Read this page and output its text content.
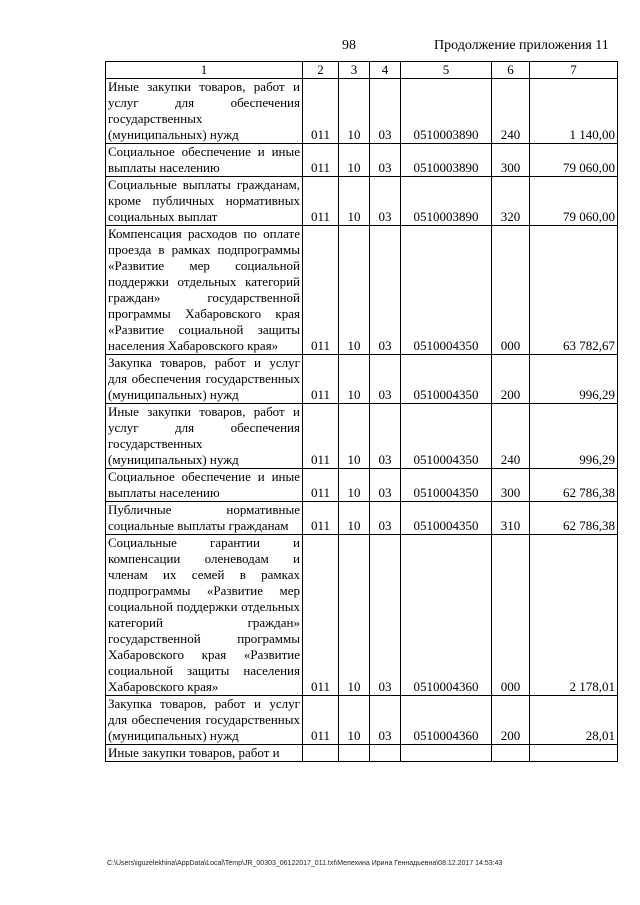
98	Продолжение приложения 11
1	2	3	4	5	6	7
Иные закупки товаров, работ и услуг для обеспечения государственных (муниципальных) нужд	011	10	03	0510003890	240	1 140,00
Социальное обеспечение и иные выплаты населению	011	10	03	0510003890	300	79 060,00
Социальные выплаты гражданам, кроме публичных нормативных социальных выплат	011	10	03	0510003890	320	79 060,00
Компенсация расходов по оплате проезда в рамках подпрограммы «Развитие мер социальной поддержки отдельных категорий граждан» государственной программы Хабаровского края «Развитие социальной защиты населения Хабаровского края»	011	10	03	0510004350	000	63 782,67
Закупка товаров, работ и услуг для обеспечения государственных (муниципальных) нужд	011	10	03	0510004350	200	996,29
Иные закупки товаров, работ и услуг для обеспечения государственных (муниципальных) нужд	011	10	03	0510004350	240	996,29
Социальное обеспечение и иные выплаты населению	011	10	03	0510004350	300	62 786,38
Публичные нормативные социальные выплаты гражданам	011	10	03	0510004350	310	62 786,38
Социальные гарантии и компенсации оленеводам и членам их семей в рамках подпрограммы «Развитие мер социальной поддержки отдельных категорий граждан» государственной программы Хабаровского края «Развитие социальной защиты населения Хабаровского края»	011	10	03	0510004360	000	2 178,01
Закупка товаров, работ и услуг для обеспечения государственных (муниципальных) нужд	011	10	03	0510004360	200	28,01
Иные закупки товаров, работ и						
C:\Users\iguzelekhina\AppData\Local\Temp\JR_00303_06122017_011.txt\Мелехина Ирина Геннадьевна\08.12.2017 14:53:43
